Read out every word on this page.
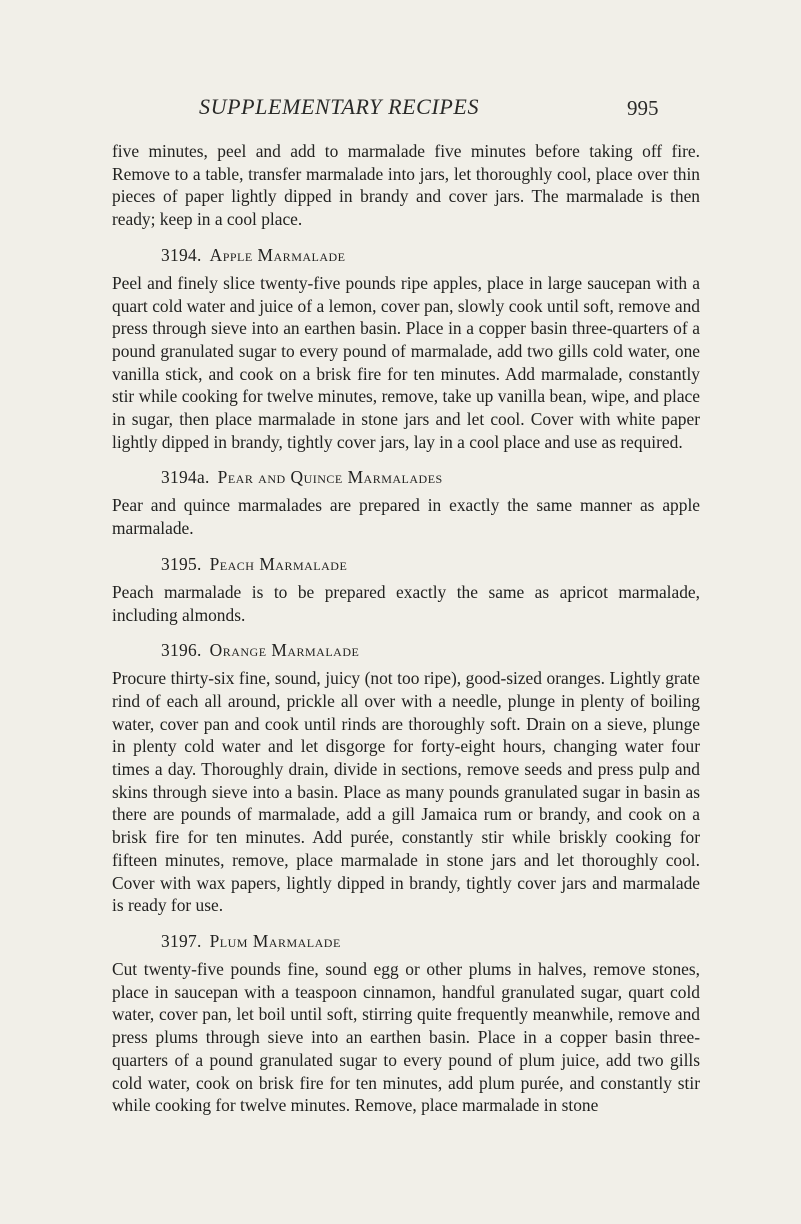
SUPPLEMENTARY RECIPES	995

five minutes, peel and add to marmalade five minutes before taking off fire. Remove to a table, transfer marmalade into jars, let thoroughly cool, place over thin pieces of paper lightly dipped in brandy and cover jars. The marmalade is then ready; keep in a cool place.

3194. Apple Marmalade

Peel and finely slice twenty-five pounds ripe apples, place in large saucepan with a quart cold water and juice of a lemon, cover pan, slowly cook until soft, remove and press through sieve into an earthen basin. Place in a copper basin three-quarters of a pound granulated sugar to every pound of marmalade, add two gills cold water, one vanilla stick, and cook on a brisk fire for ten minutes. Add marmalade, constantly stir while cooking for twelve minutes, remove, take up vanilla bean, wipe, and place in sugar, then place marmalade in stone jars and let cool. Cover with white paper lightly dipped in brandy, tightly cover jars, lay in a cool place and use as required.

3194a. Pear and Quince Marmalades

Pear and quince marmalades are prepared in exactly the same manner as apple marmalade.

3195. Peach Marmalade

Peach marmalade is to be prepared exactly the same as apricot marmalade, including almonds.

3196. Orange Marmalade

Procure thirty-six fine, sound, juicy (not too ripe), good-sized oranges. Lightly grate rind of each all around, prickle all over with a needle, plunge in plenty of boiling water, cover pan and cook until rinds are thoroughly soft. Drain on a sieve, plunge in plenty cold water and let disgorge for forty-eight hours, changing water four times a day. Thoroughly drain, divide in sections, remove seeds and press pulp and skins through sieve into a basin. Place as many pounds granulated sugar in basin as there are pounds of marmalade, add a gill Jamaica rum or brandy, and cook on a brisk fire for ten minutes. Add purée, constantly stir while briskly cooking for fifteen minutes, remove, place marmalade in stone jars and let thoroughly cool. Cover with wax papers, lightly dipped in brandy, tightly cover jars and marmalade is ready for use.

3197. Plum Marmalade

Cut twenty-five pounds fine, sound egg or other plums in halves, remove stones, place in saucepan with a teaspoon cinnamon, handful granulated sugar, quart cold water, cover pan, let boil until soft, stirring quite frequently meanwhile, remove and press plums through sieve into an earthen basin. Place in a copper basin three-quarters of a pound granulated sugar to every pound of plum juice, add two gills cold water, cook on brisk fire for ten minutes, add plum purée, and constantly stir while cooking for twelve minutes. Remove, place marmalade in stone
